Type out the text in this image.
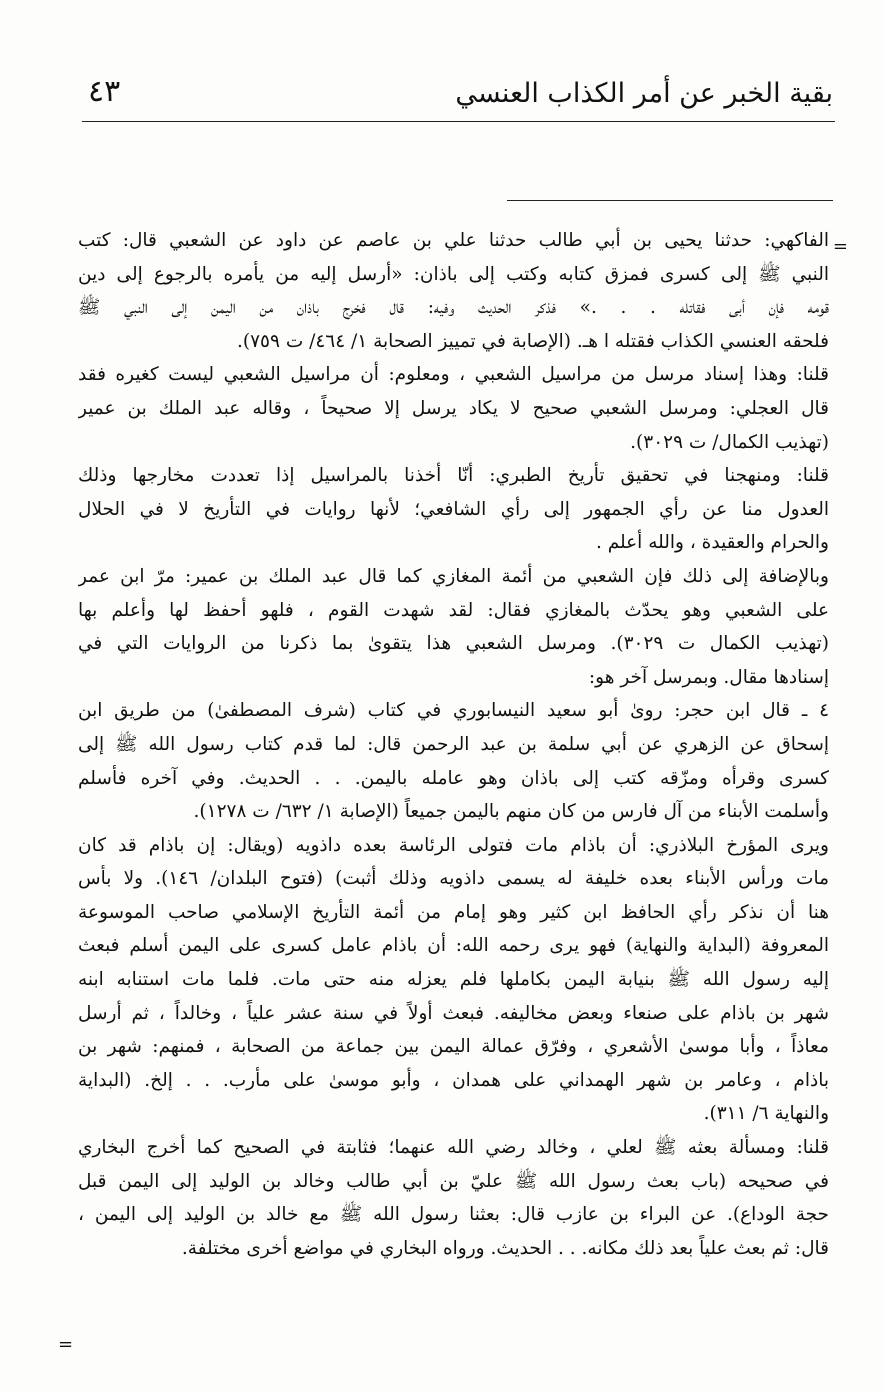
بقية الخبر عن أمر الكذاب العنسي
٤٣
=
الفاكهي: حدثنا يحيى بن أبي طالب حدثنا علي بن عاصم عن داود عن الشعبي قال: كتب
النبي ﷺ إلى كسرى فمزق كتابه وكتب إلى باذان: «أرسل إليه من يأمره بالرجوع إلى دين
قومه فإن أبى فقاتله . . .» فذكر الحديث وفيه: قال فخرج باذان من اليمن إلى النبي ﷺ
فلحقه العنسي الكذاب فقتله ا هـ. (الإصابة في تمييز الصحابة ١/ ٤٦٤/ ت ٧٥٩).
قلنا: وهذا إسناد مرسل من مراسيل الشعبي ، ومعلوم: أن مراسيل الشعبي ليست كغيره فقد
قال العجلي: ومرسل الشعبي صحيح لا يكاد يرسل إلا صحيحاً ، وقاله عبد الملك بن عمير
(تهذيب الكمال/ ت ٣٠٢٩).
قلنا: ومنهجنا في تحقيق تأريخ الطبري: أنّا أخذنا بالمراسيل إذا تعددت مخارجها وذلك
العدول منا عن رأي الجمهور إلى رأي الشافعي؛ لأنها روايات في التأريخ لا في الحلال
والحرام والعقيدة ، والله أعلم .
وبالإضافة إلى ذلك فإن الشعبي من أئمة المغازي كما قال عبد الملك بن عمير: مرّ ابن عمر
على الشعبي وهو يحدّث بالمغازي فقال: لقد شهدت القوم ، فلهو أحفظ لها وأعلم بها
(تهذيب الكمال ت ٣٠٢٩). ومرسل الشعبي هذا يتقوىٰ بما ذكرنا من الروايات التي في
إسنادها مقال. وبمرسل آخر هو:
٤ ـ قال ابن حجر: روىٰ أبو سعيد النيسابوري في كتاب (شرف المصطفىٰ) من طريق ابن
إسحاق عن الزهري عن أبي سلمة بن عبد الرحمن قال: لما قدم كتاب رسول الله ﷺ إلى
كسرى وقرأه ومزّقه كتب إلى باذان وهو عامله باليمن. . . الحديث. وفي آخره فأسلم
وأسلمت الأبناء من آل فارس من كان منهم باليمن جميعاً (الإصابة ١/ ٦٣٢/ ت ١٢٧٨).
ويرى المؤرخ البلاذري: أن باذام مات فتولى الرئاسة بعده داذويه (ويقال: إن باذام قد كان
مات ورأس الأبناء بعده خليفة له يسمى داذويه وذلك أثبت) (فتوح البلدان/ ١٤٦). ولا بأس
هنا أن نذكر رأي الحافظ ابن كثير وهو إمام من أئمة التأريخ الإسلامي صاحب الموسوعة
المعروفة (البداية والنهاية) فهو يرى رحمه الله: أن باذام عامل كسرى على اليمن أسلم فبعث
إليه رسول الله ﷺ بنيابة اليمن بكاملها فلم يعزله منه حتى مات. فلما مات استنابه ابنه
شهر بن باذام على صنعاء وبعض مخاليفه. فبعث أولاً في سنة عشر علياً ، وخالداً ، ثم أرسل
معاذاً ، وأبا موسىٰ الأشعري ، وفرّق عمالة اليمن بين جماعة من الصحابة ، فمنهم: شهر بن
باذام ، وعامر بن شهر الهمداني على همدان ، وأبو موسىٰ على مأرب. . . إلخ. (البداية
والنهاية ٦/ ٣١١).
قلنا: ومسألة بعثه ﷺ لعلي ، وخالد رضي الله عنهما؛ فثابتة في الصحيح كما أخرج البخاري
في صحيحه (باب بعث رسول الله ﷺ عليّ بن أبي طالب وخالد بن الوليد إلى اليمن قبل
حجة الوداع). عن البراء بن عازب قال: بعثنا رسول الله ﷺ مع خالد بن الوليد إلى اليمن ،
قال: ثم بعث علياً بعد ذلك مكانه. . . الحديث. ورواه البخاري في مواضع أخرى مختلفة.
=
